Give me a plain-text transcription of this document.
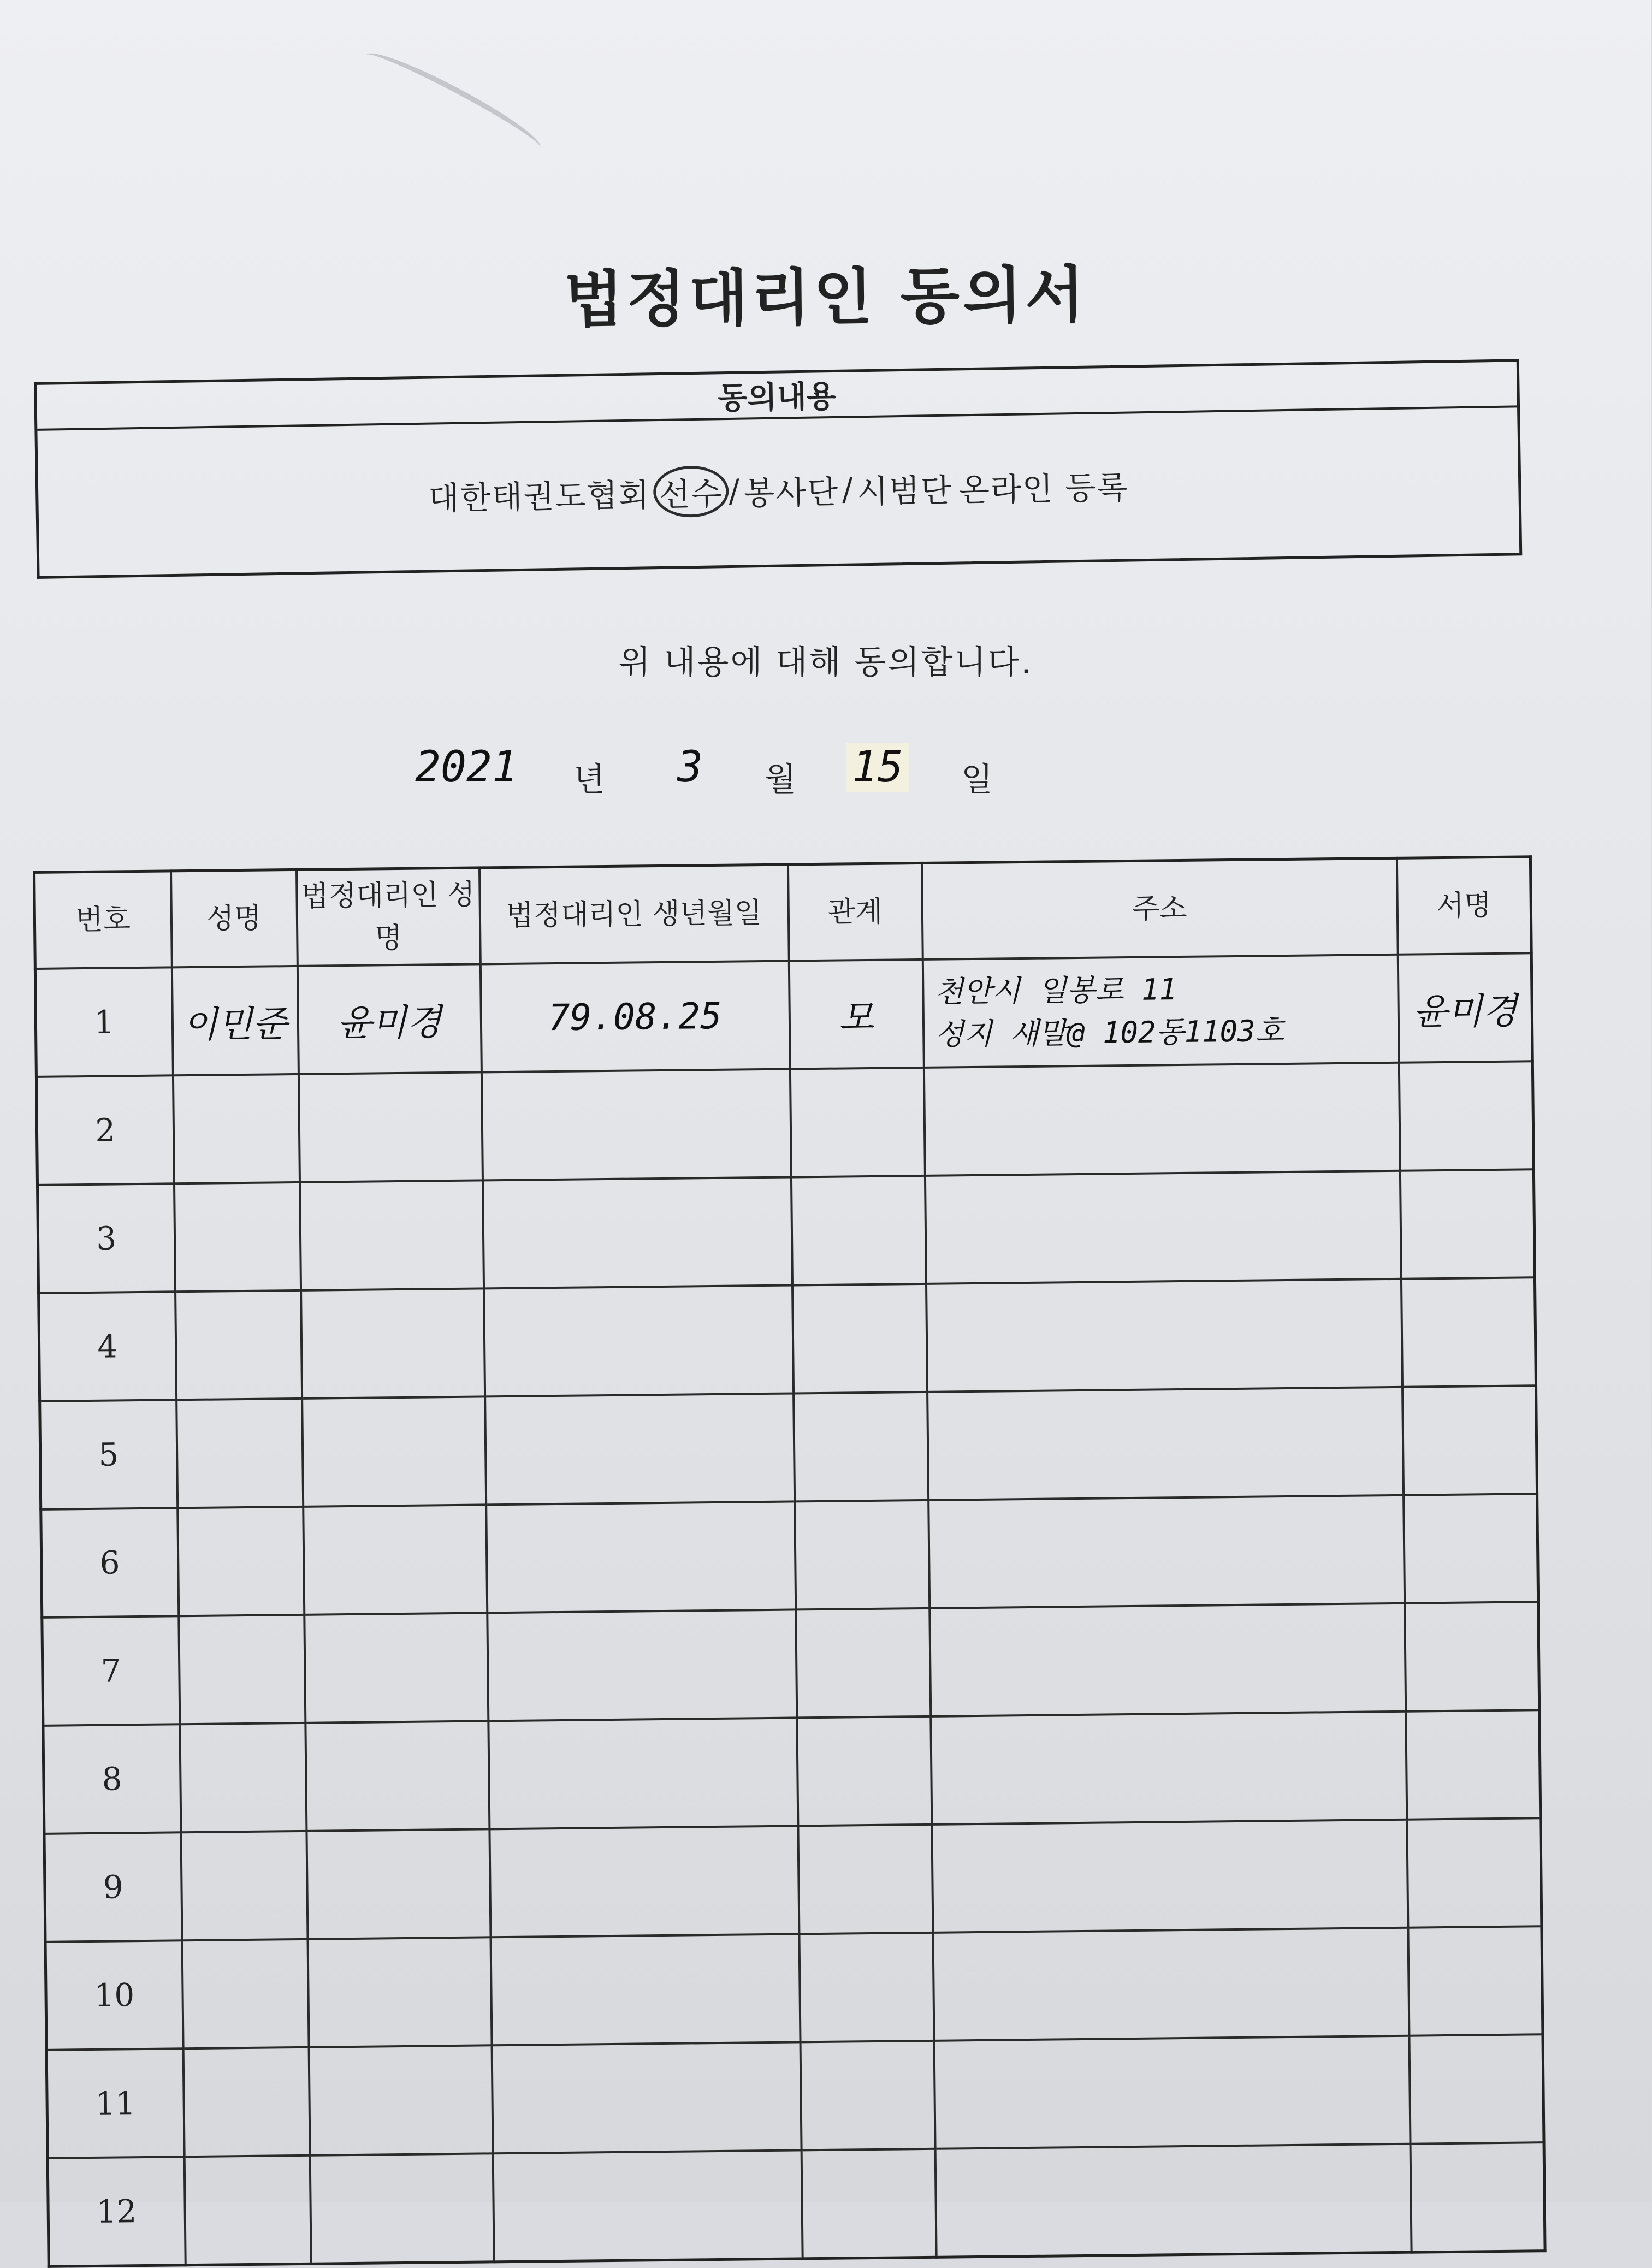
법정대리인 동의서
동의내용
대한태권도협회 선수 / 봉사단 / 시범단 온라인 등록
위 내용에 대해 동의합니다.
2021 년 3 월 15 일
번호	성명	법정대리인 성명	법정대리인 생년월일	관계	주소	서명
1	이민준	윤미경	79.08.25	모	천안시 일봉로 11
성지 새말@ 102동1103호	윤미경
2						
3						
4						
5						
6						
7						
8						
9						
10						
11						
12						
